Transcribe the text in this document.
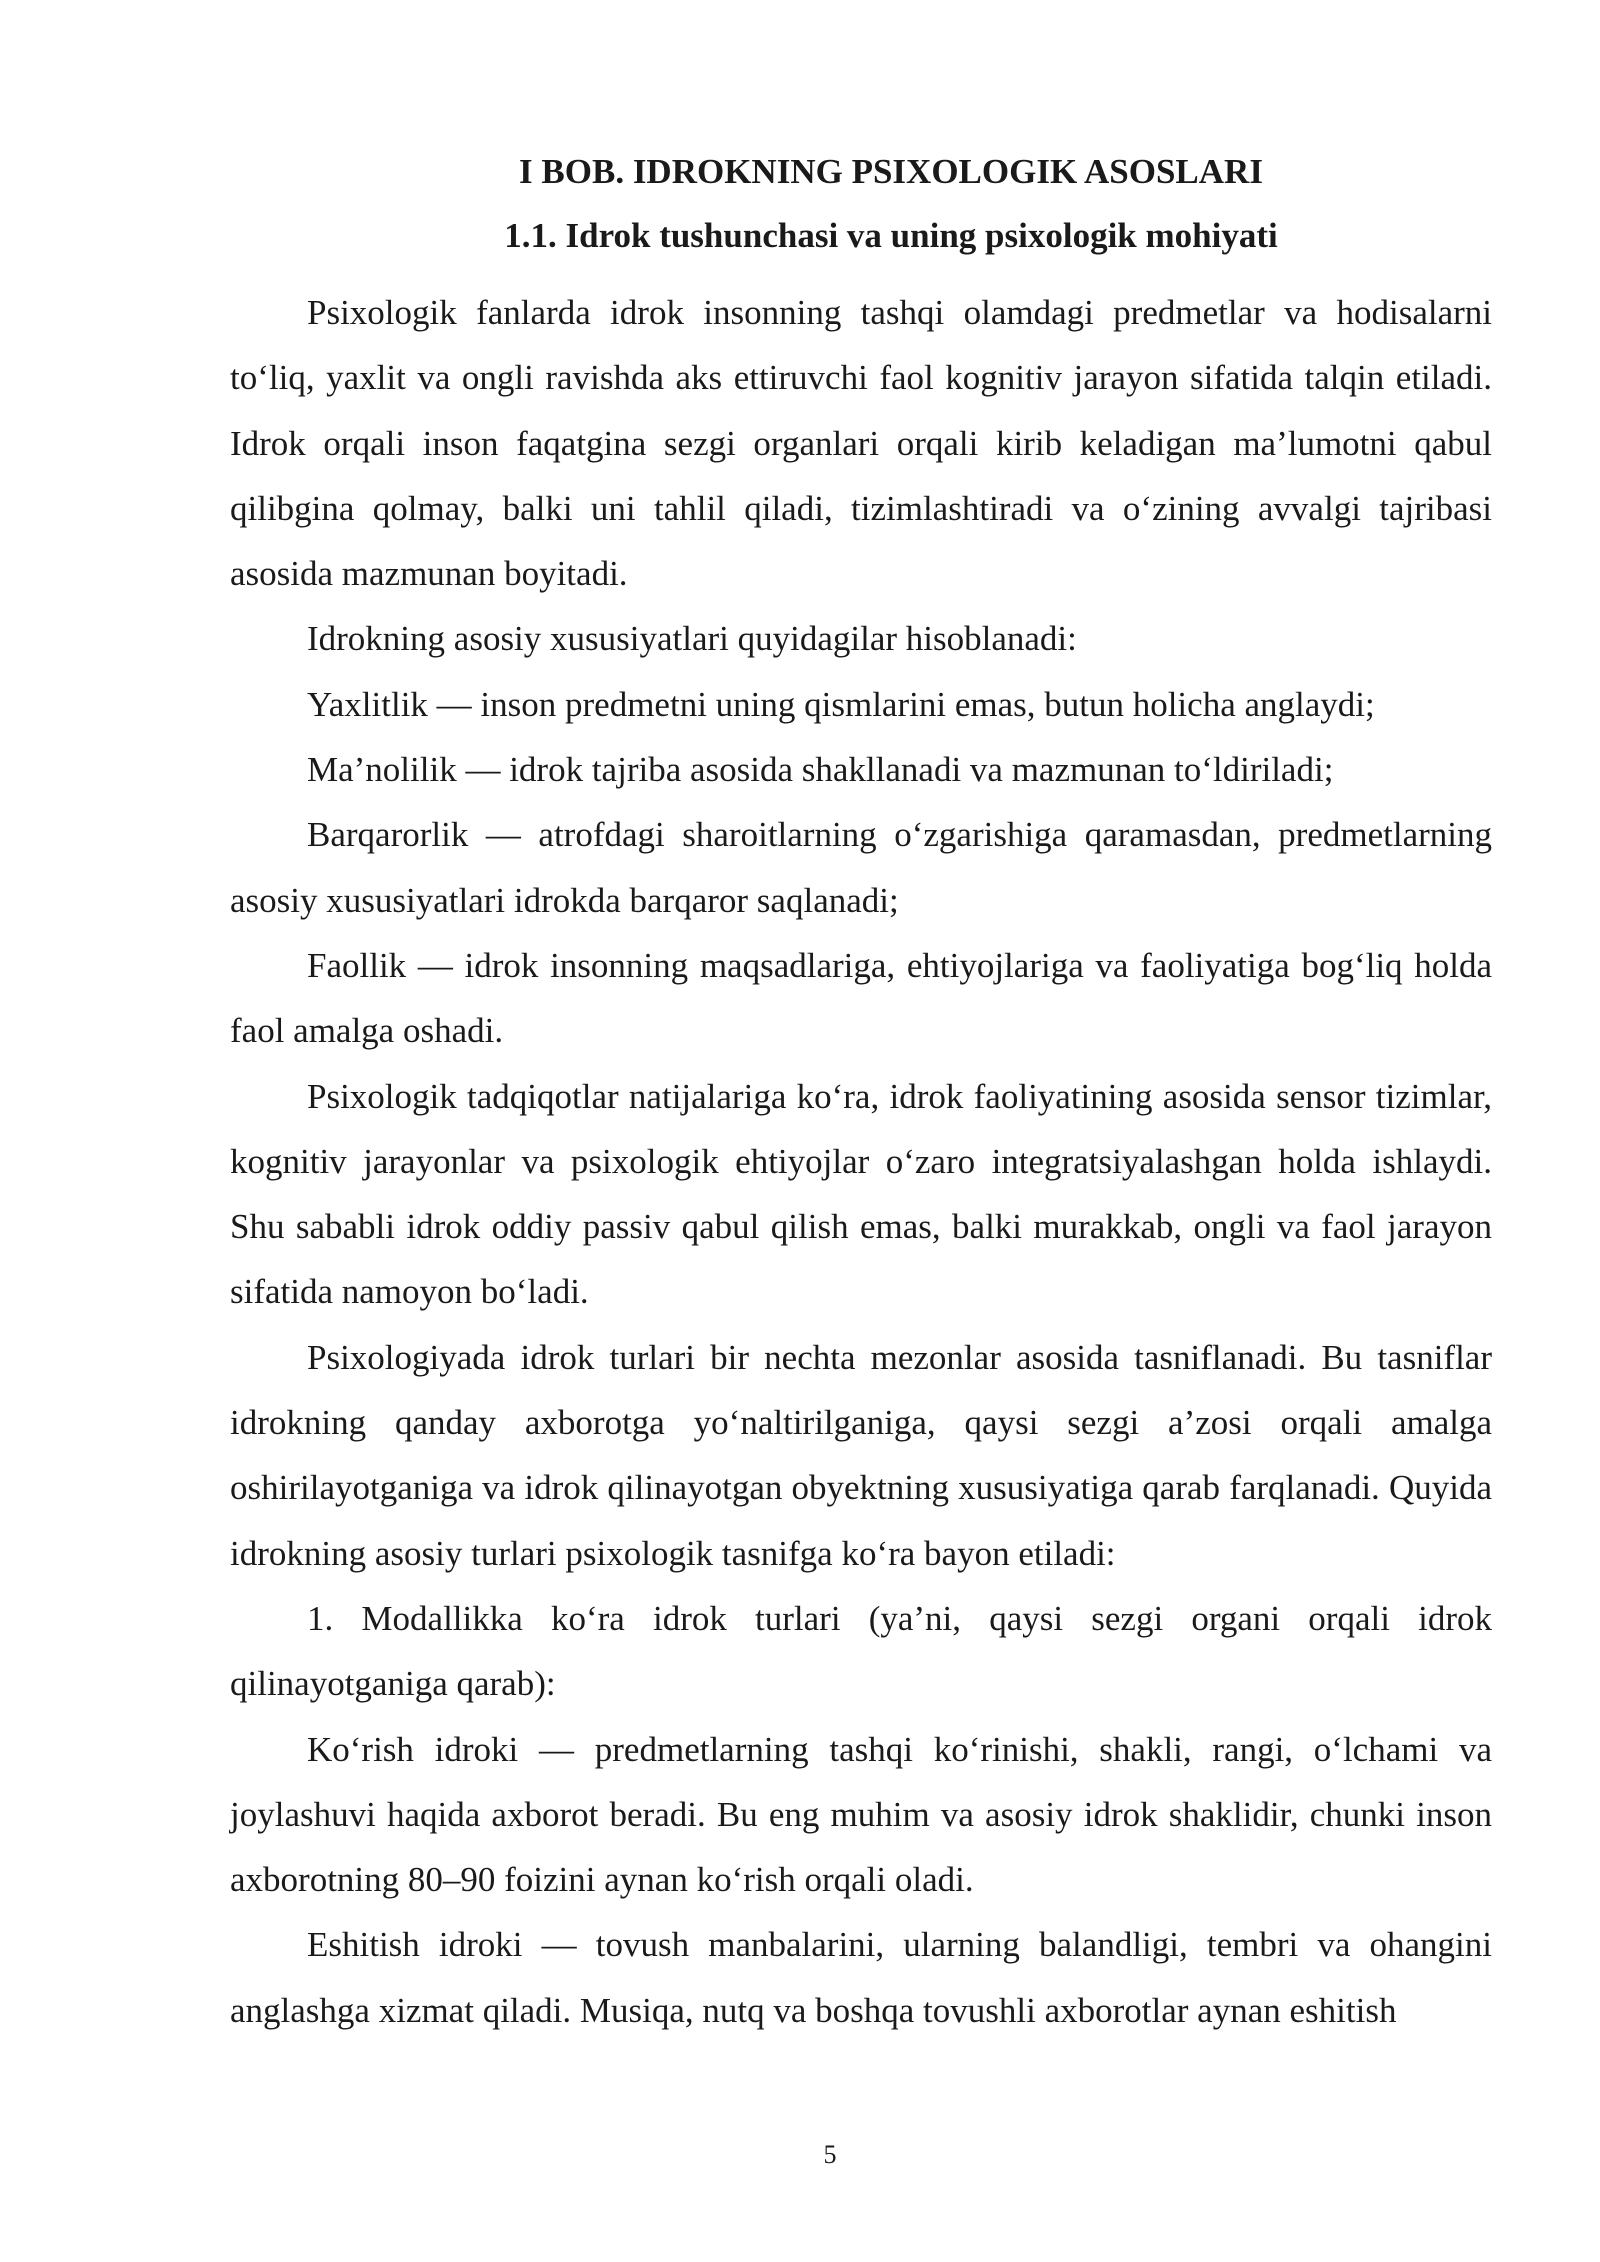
I BOB. IDROKNING PSIXOLOGIK ASOSLARI
1.1. Idrok tushunchasi va uning psixologik mohiyati

Psixologik fanlarda idrok insonning tashqi olamdagi predmetlar va hodisalarni to‘liq, yaxlit va ongli ravishda aks ettiruvchi faol kognitiv jarayon sifatida talqin etiladi. Idrok orqali inson faqatgina sezgi organlari orqali kirib keladigan ma’lumotni qabul qilibgina qolmay, balki uni tahlil qiladi, tizimlashtiradi va o‘zining avvalgi tajribasi asosida mazmunan boyitadi.

Idrokning asosiy xususiyatlari quyidagilar hisoblanadi:

Yaxlitlik — inson predmetni uning qismlarini emas, butun holicha anglaydi;

Ma’nolilik — idrok tajriba asosida shakllanadi va mazmunan to‘ldiriladi;

Barqarorlik — atrofdagi sharoitlarning o‘zgarishiga qaramasdan, predmetlarning asosiy xususiyatlari idrokda barqaror saqlanadi;

Faollik — idrok insonning maqsadlariga, ehtiyojlariga va faoliyatiga bog‘liq holda faol amalga oshadi.

Psixologik tadqiqotlar natijalariga ko‘ra, idrok faoliyatining asosida sensor tizimlar, kognitiv jarayonlar va psixologik ehtiyojlar o‘zaro integratsiyalashgan holda ishlaydi. Shu sababli idrok oddiy passiv qabul qilish emas, balki murakkab, ongli va faol jarayon sifatida namoyon bo‘ladi.

Psixologiyada idrok turlari bir nechta mezonlar asosida tasniflanadi. Bu tasniflar idrokning qanday axborotga yo‘naltirilganiga, qaysi sezgi a’zosi orqali amalga oshirilayotganiga va idrok qilinayotgan obyektning xususiyatiga qarab farqlanadi. Quyida idrokning asosiy turlari psixologik tasnifga ko‘ra bayon etiladi:

1. Modallikka ko‘ra idrok turlari (ya’ni, qaysi sezgi organi orqali idrok qilinayotganiga qarab):

Ko‘rish idroki — predmetlarning tashqi ko‘rinishi, shakli, rangi, o‘lchami va joylashuvi haqida axborot beradi. Bu eng muhim va asosiy idrok shaklidir, chunki inson axborotning 80–90 foizini aynan ko‘rish orqali oladi.

Eshitish idroki — tovush manbalarini, ularning balandligi, tembri va ohangini anglashga xizmat qiladi. Musiqa, nutq va boshqa tovushli axborotlar aynan eshitish

5
